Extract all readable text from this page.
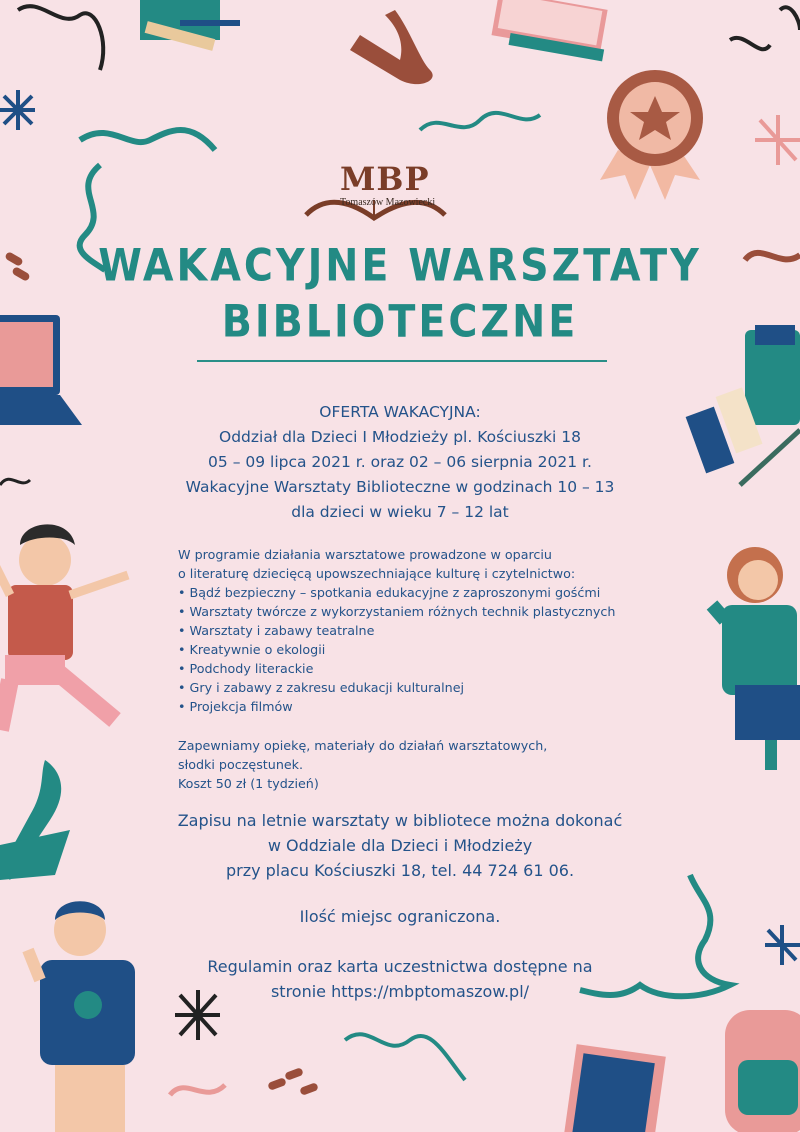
MBP
Tomaszów Mazowiecki
WAKACYJNE WARSZTATY
BIBLIOTECZNE
OFERTA WAKACYJNA:
Oddział dla Dzieci I Młodzieży pl. Kościuszki 18
05 – 09 lipca 2021 r. oraz 02 – 06 sierpnia 2021 r.
Wakacyjne Warsztaty Biblioteczne w godzinach 10 – 13
dla dzieci w wieku 7 – 12 lat
W programie działania warsztatowe prowadzone w oparciu
o literaturę dziecięcą upowszechniające kulturę i czytelnictwo:
• Bądź bezpieczny – spotkania edukacyjne z zaproszonymi gośćmi
• Warsztaty twórcze z wykorzystaniem różnych technik plastycznych
• Warsztaty i zabawy teatralne
• Kreatywnie o ekologii
• Podchody literackie
• Gry i zabawy z zakresu edukacji kulturalnej
• Projekcja filmów
Zapewniamy opiekę, materiały do działań warsztatowych,
słodki poczęstunek.
Koszt 50 zł (1 tydzień)
Zapisu na letnie warsztaty w bibliotece można dokonać
w Oddziale dla Dzieci i Młodzieży
przy placu Kościuszki 18, tel. 44 724 61 06.
Ilość miejsc ograniczona.
Regulamin oraz karta uczestnictwa dostępne na
stronie https://mbptomaszow.pl/
